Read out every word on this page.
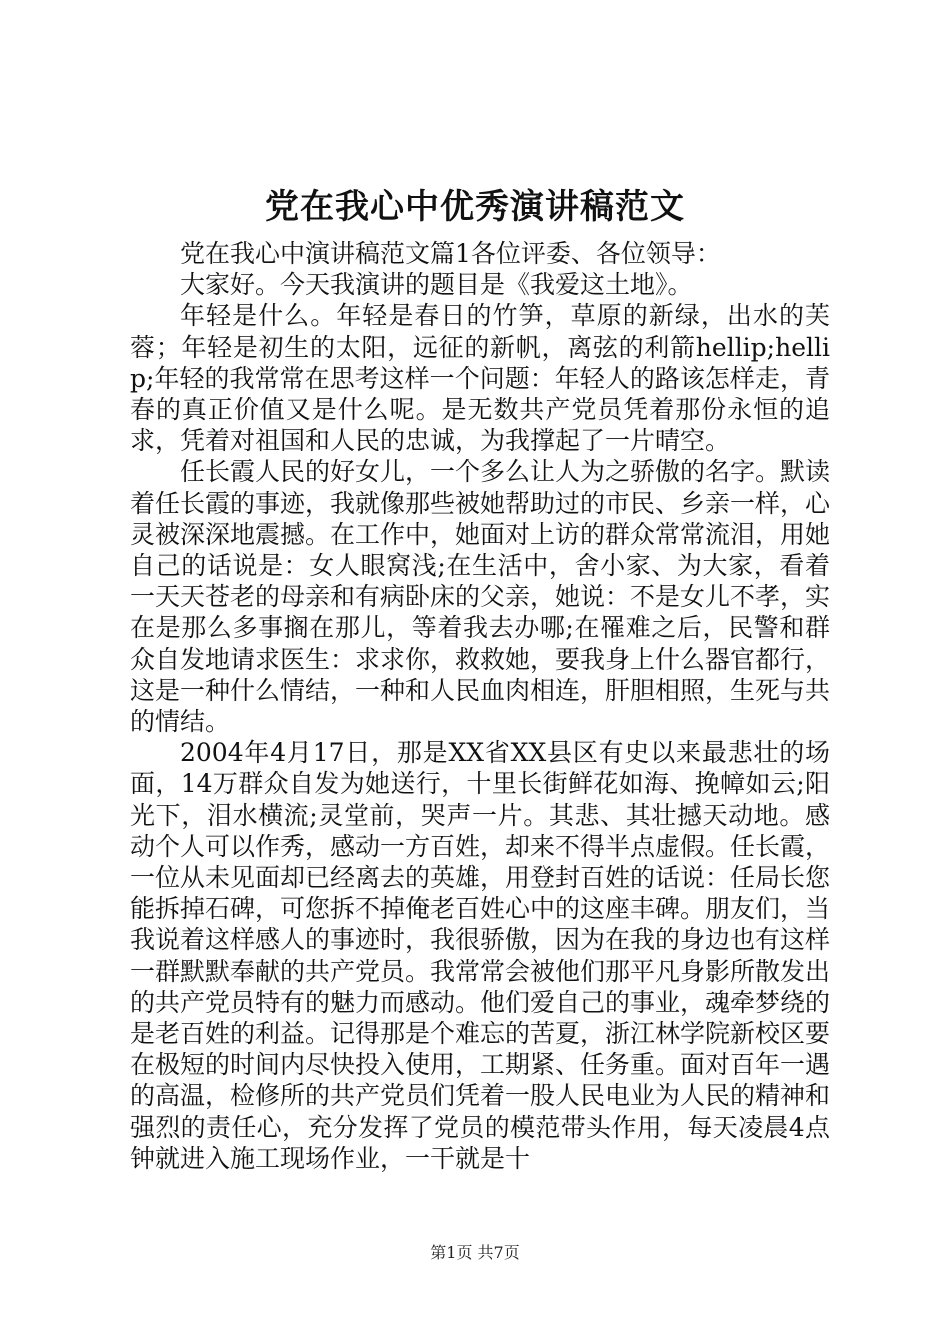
党在我心中优秀演讲稿范文

党在我心中演讲稿范文篇1各位评委、各位领导：

大家好。今天我演讲的题目是《我爱这土地》。

年轻是什么。年轻是春日的竹笋，草原的新绿，出水的芙蓉；年轻是初生的太阳，远征的新帆，离弦的利箭hellip;hellip;年轻的我常常在思考这样一个问题：年轻人的路该怎样走，青春的真正价值又是什么呢。是无数共产党员凭着那份永恒的追求，凭着对祖国和人民的忠诚，为我撑起了一片晴空。

任长霞人民的好女儿，一个多么让人为之骄傲的名字。默读着任长霞的事迹，我就像那些被她帮助过的市民、乡亲一样，心灵被深深地震撼。在工作中，她面对上访的群众常常流泪，用她自己的话说是：女人眼窝浅;在生活中，舍小家、为大家，看着一天天苍老的母亲和有病卧床的父亲，她说：不是女儿不孝，实在是那么多事搁在那儿，等着我去办哪;在罹难之后，民警和群众自发地请求医生：求求你，救救她，要我身上什么器官都行，这是一种什么情结，一种和人民血肉相连，肝胆相照，生死与共的情结。

2004年4月17日，那是XX省XX县区有史以来最悲壮的场面，14万群众自发为她送行，十里长街鲜花如海、挽幛如云;阳光下，泪水横流;灵堂前，哭声一片。其悲、其壮撼天动地。感动个人可以作秀，感动一方百姓，却来不得半点虚假。任长霞，一位从未见面却已经离去的英雄，用登封百姓的话说：任局长您能拆掉石碑，可您拆不掉俺老百姓心中的这座丰碑。朋友们，当我说着这样感人的事迹时，我很骄傲，因为在我的身边也有这样一群默默奉献的共产党员。我常常会被他们那平凡身影所散发出的共产党员特有的魅力而感动。他们爱自己的事业，魂牵梦绕的是老百姓的利益。记得那是个难忘的苦夏，浙江林学院新校区要在极短的时间内尽快投入使用，工期紧、任务重。面对百年一遇的高温，检修所的共产党员们凭着一股人民电业为人民的精神和强烈的责任心，充分发挥了党员的模范带头作用，每天凌晨4点钟就进入施工现场作业，一干就是十

第1页 共7页
